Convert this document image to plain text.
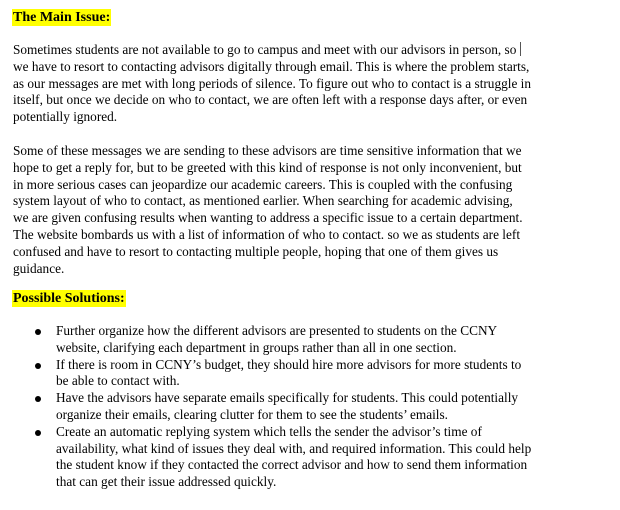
The Main Issue:
Sometimes students are not available to go to campus and meet with our advisors in person, so
we have to resort to contacting advisors digitally through email. This is where the problem starts,
as our messages are met with long periods of silence. To figure out who to contact is a struggle in
itself, but once we decide on who to contact, we are often left with a response days after, or even
potentially ignored.
Some of these messages we are sending to these advisors are time sensitive information that we
hope to get a reply for, but to be greeted with this kind of response is not only inconvenient, but
in more serious cases can jeopardize our academic careers. This is coupled with the confusing
system layout of who to contact, as mentioned earlier. When searching for academic advising,
we are given confusing results when wanting to address a specific issue to a certain department.
The website bombards us with a list of information of who to contact. so we as students are left
confused and have to resort to contacting multiple people, hoping that one of them gives us
guidance.
Possible Solutions:
Further organize how the different advisors are presented to students on the CCNY
website, clarifying each department in groups rather than all in one section.
If there is room in CCNY’s budget, they should hire more advisors for more students to
be able to contact with.
Have the advisors have separate emails specifically for students. This could potentially
organize their emails, clearing clutter for them to see the students’ emails.
Create an automatic replying system which tells the sender the advisor’s time of
availability, what kind of issues they deal with, and required information. This could help
the student know if they contacted the correct advisor and how to send them information
that can get their issue addressed quickly.
